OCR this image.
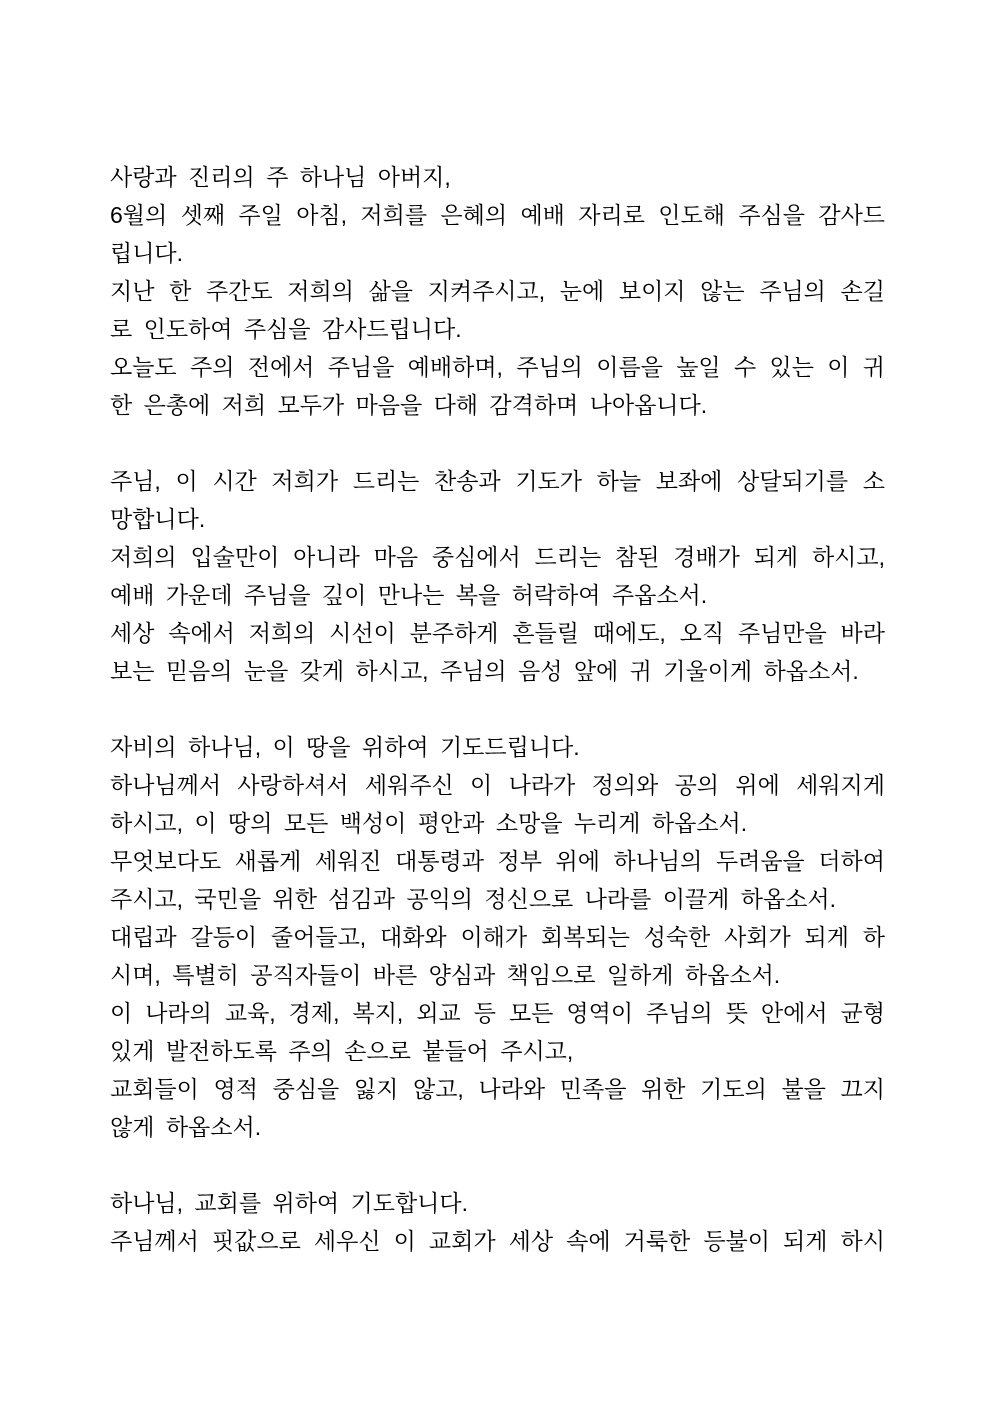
사랑과 진리의 주 하나님 아버지,
6월의 셋째 주일 아침, 저희를 은혜의 예배 자리로 인도해 주심을 감사드
립니다.
지난 한 주간도 저희의 삶을 지켜주시고, 눈에 보이지 않는 주님의 손길
로 인도하여 주심을 감사드립니다.
오늘도 주의 전에서 주님을 예배하며, 주님의 이름을 높일 수 있는 이 귀
한 은총에 저희 모두가 마음을 다해 감격하며 나아옵니다.
주님, 이 시간 저희가 드리는 찬송과 기도가 하늘 보좌에 상달되기를 소
망합니다.
저희의 입술만이 아니라 마음 중심에서 드리는 참된 경배가 되게 하시고,
예배 가운데 주님을 깊이 만나는 복을 허락하여 주옵소서.
세상 속에서 저희의 시선이 분주하게 흔들릴 때에도, 오직 주님만을 바라
보는 믿음의 눈을 갖게 하시고, 주님의 음성 앞에 귀 기울이게 하옵소서.
자비의 하나님, 이 땅을 위하여 기도드립니다.
하나님께서 사랑하셔서 세워주신 이 나라가 정의와 공의 위에 세워지게
하시고, 이 땅의 모든 백성이 평안과 소망을 누리게 하옵소서.
무엇보다도 새롭게 세워진 대통령과 정부 위에 하나님의 두려움을 더하여
주시고, 국민을 위한 섬김과 공익의 정신으로 나라를 이끌게 하옵소서.
대립과 갈등이 줄어들고, 대화와 이해가 회복되는 성숙한 사회가 되게 하
시며, 특별히 공직자들이 바른 양심과 책임으로 일하게 하옵소서.
이 나라의 교육, 경제, 복지, 외교 등 모든 영역이 주님의 뜻 안에서 균형
있게 발전하도록 주의 손으로 붙들어 주시고,
교회들이 영적 중심을 잃지 않고, 나라와 민족을 위한 기도의 불을 끄지
않게 하옵소서.
하나님, 교회를 위하여 기도합니다.
주님께서 핏값으로 세우신 이 교회가 세상 속에 거룩한 등불이 되게 하시
